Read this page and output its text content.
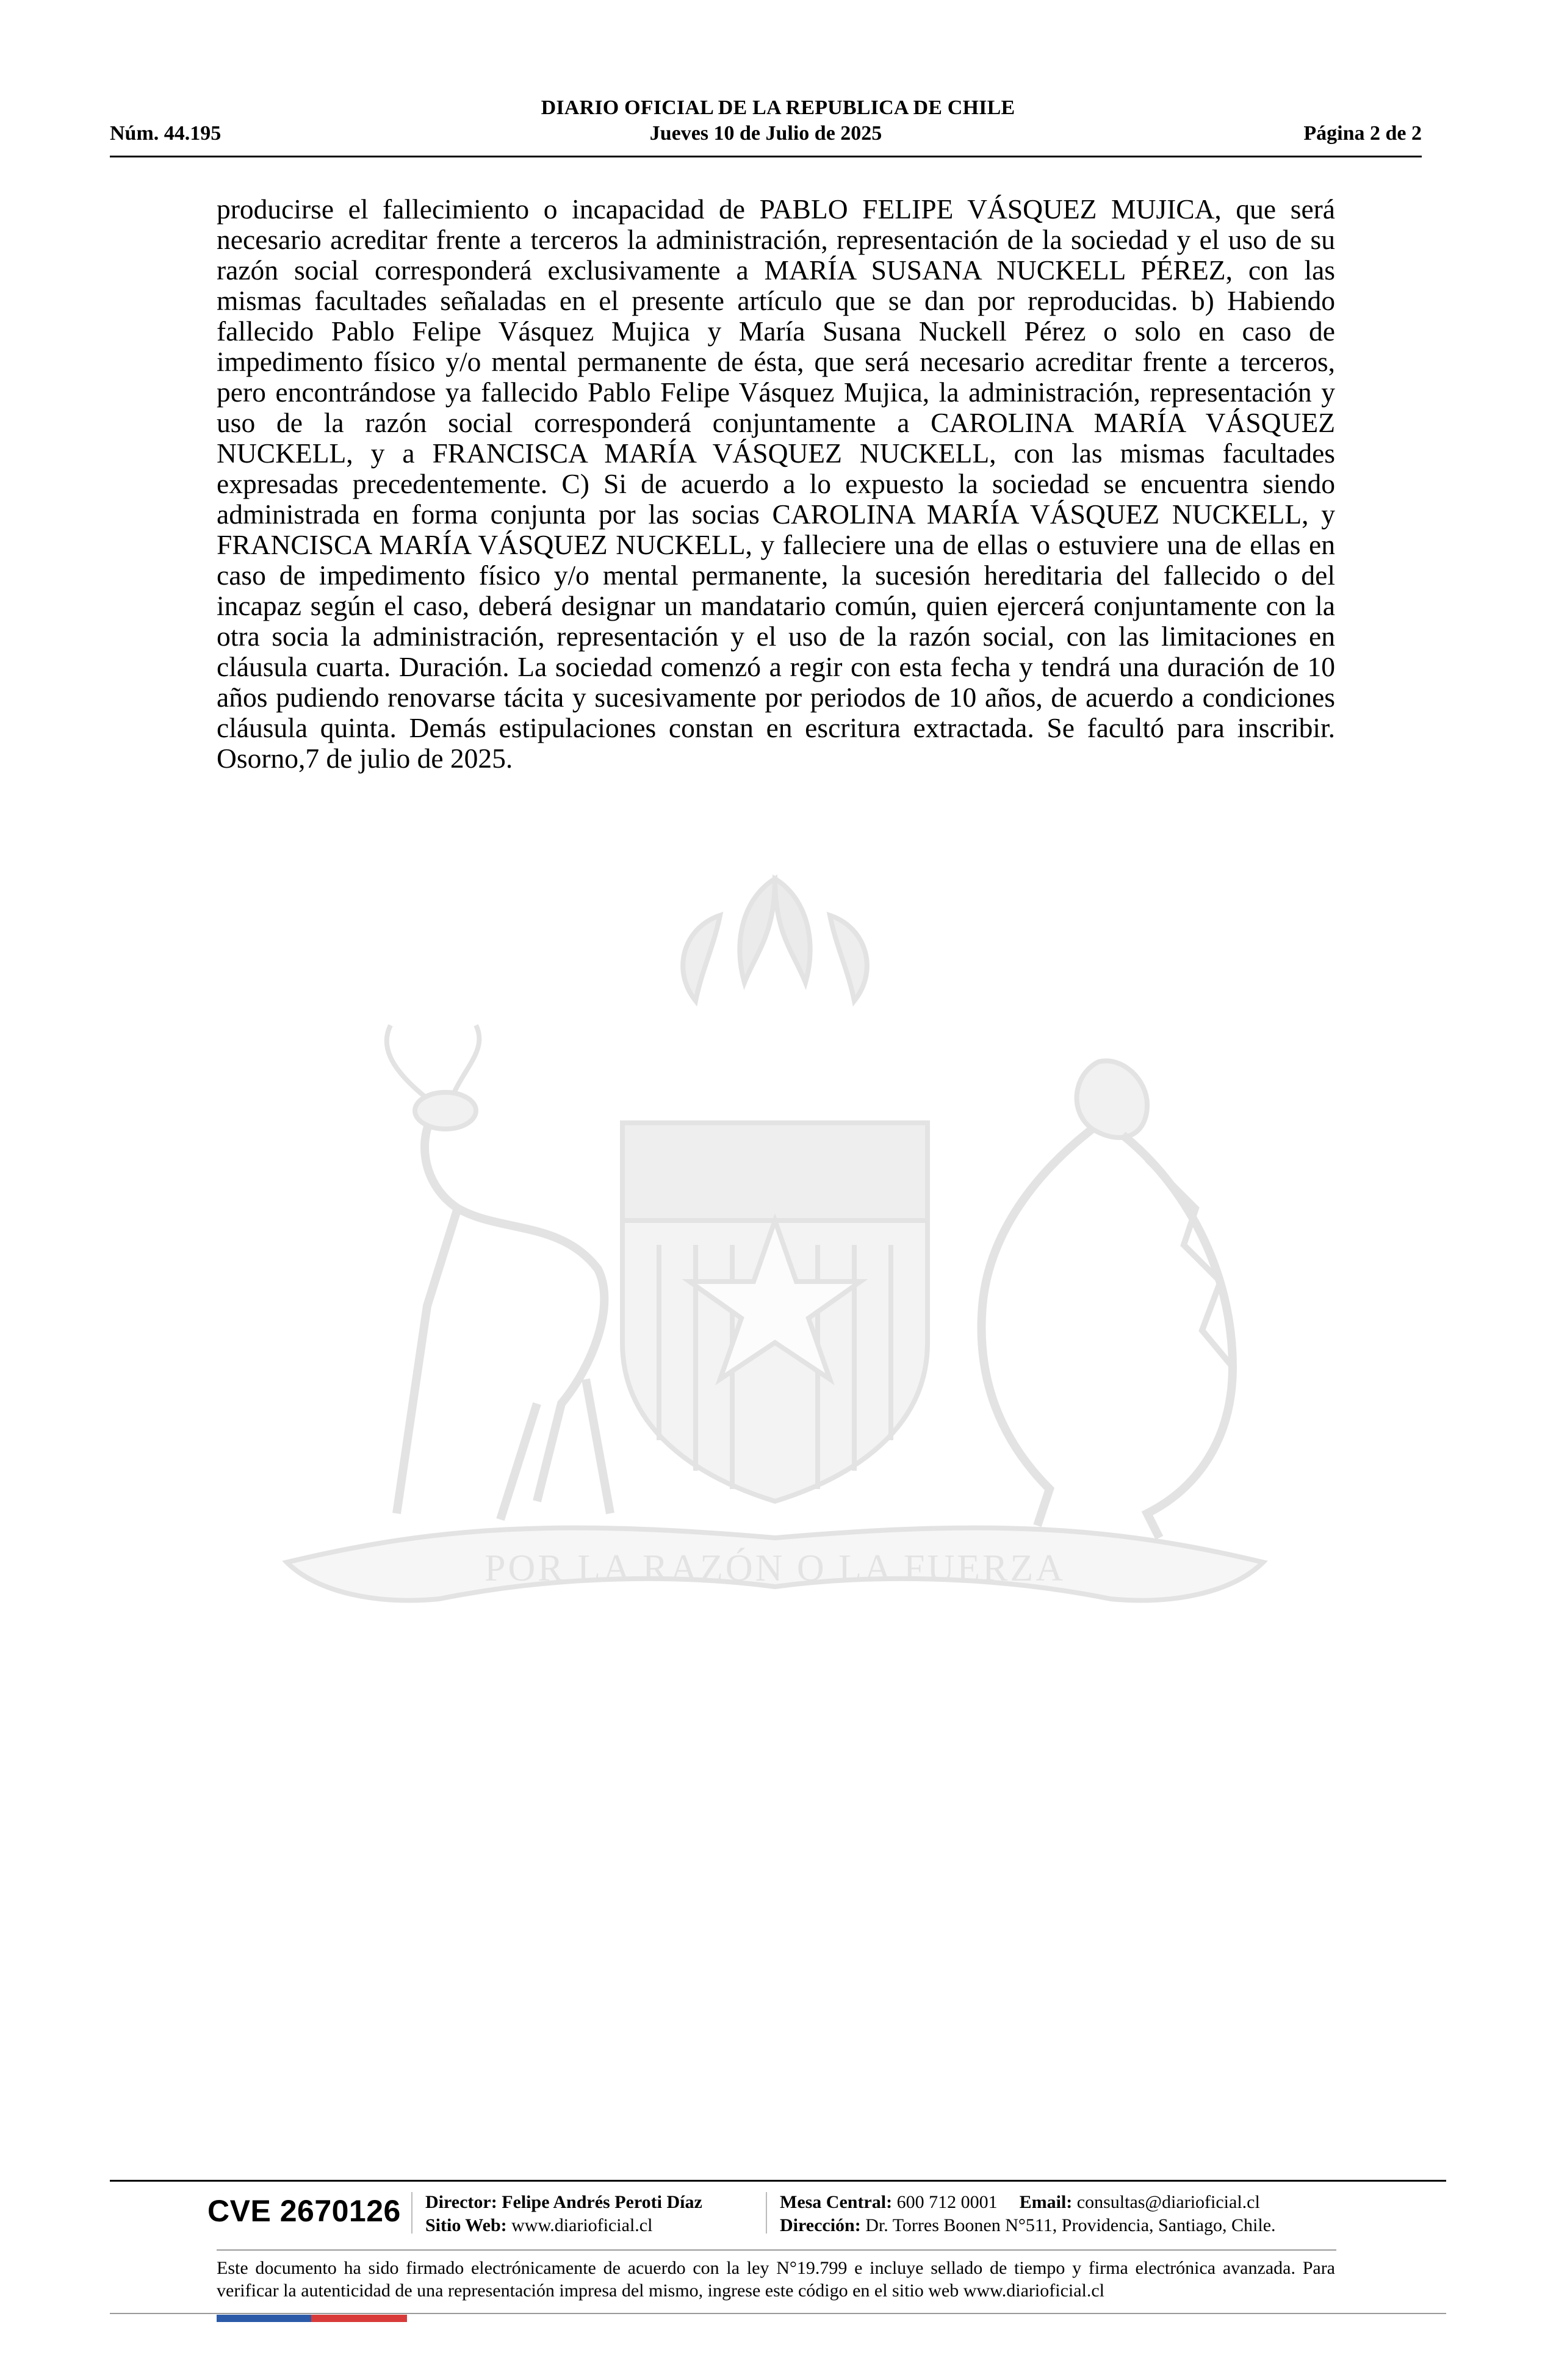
DIARIO OFICIAL DE LA REPUBLICA DE CHILE
Núm. 44.195	Jueves 10 de Julio de 2025	Página 2 de 2
POR LA RAZÓN O LA FUERZA
producirse el fallecimiento o incapacidad de PABLO FELIPE VÁSQUEZ MUJICA, que será necesario acreditar frente a terceros la administración, representación de la sociedad y el uso de su razón social corresponderá exclusivamente a MARÍA SUSANA NUCKELL PÉREZ, con las mismas facultades señaladas en el presente artículo que se dan por reproducidas. b) Habiendo fallecido Pablo Felipe Vásquez Mujica y María Susana Nuckell Pérez o solo en caso de impedimento físico y/o mental permanente de ésta, que será necesario acreditar frente a terceros, pero encontrándose ya fallecido Pablo Felipe Vásquez Mujica, la administración, representación y uso de la razón social corresponderá conjuntamente a CAROLINA MARÍA VÁSQUEZ NUCKELL, y a FRANCISCA MARÍA VÁSQUEZ NUCKELL, con las mismas facultades expresadas precedentemente. C) Si de acuerdo a lo expuesto la sociedad se encuentra siendo administrada en forma conjunta por las socias CAROLINA MARÍA VÁSQUEZ NUCKELL, y FRANCISCA MARÍA VÁSQUEZ NUCKELL, y falleciere una de ellas o estuviere una de ellas en caso de impedimento físico y/o mental permanente, la sucesión hereditaria del fallecido o del incapaz según el caso, deberá designar un mandatario común, quien ejercerá conjuntamente con la otra socia la administración, representación y el uso de la razón social, con las limitaciones en cláusula cuarta. Duración. La sociedad comenzó a regir con esta fecha y tendrá una duración de 10 años pudiendo renovarse tácita y sucesivamente por periodos de 10 años, de acuerdo a condiciones cláusula quinta. Demás estipulaciones constan en escritura extractada. Se facultó para inscribir. Osorno,7 de julio de 2025.
CVE 2670126 Director: Felipe Andrés Peroti Díaz
Sitio Web: www.diarioficial.cl
Mesa Central: 600 712 0001 Email: consultas@diarioficial.cl
Dirección: Dr. Torres Boonen N°511, Providencia, Santiago, Chile.
Este documento ha sido firmado electrónicamente de acuerdo con la ley N°19.799 e incluye sellado de tiempo y firma electrónica avanzada. Para verificar la autenticidad de una representación impresa del mismo, ingrese este código en el sitio web www.diarioficial.cl
